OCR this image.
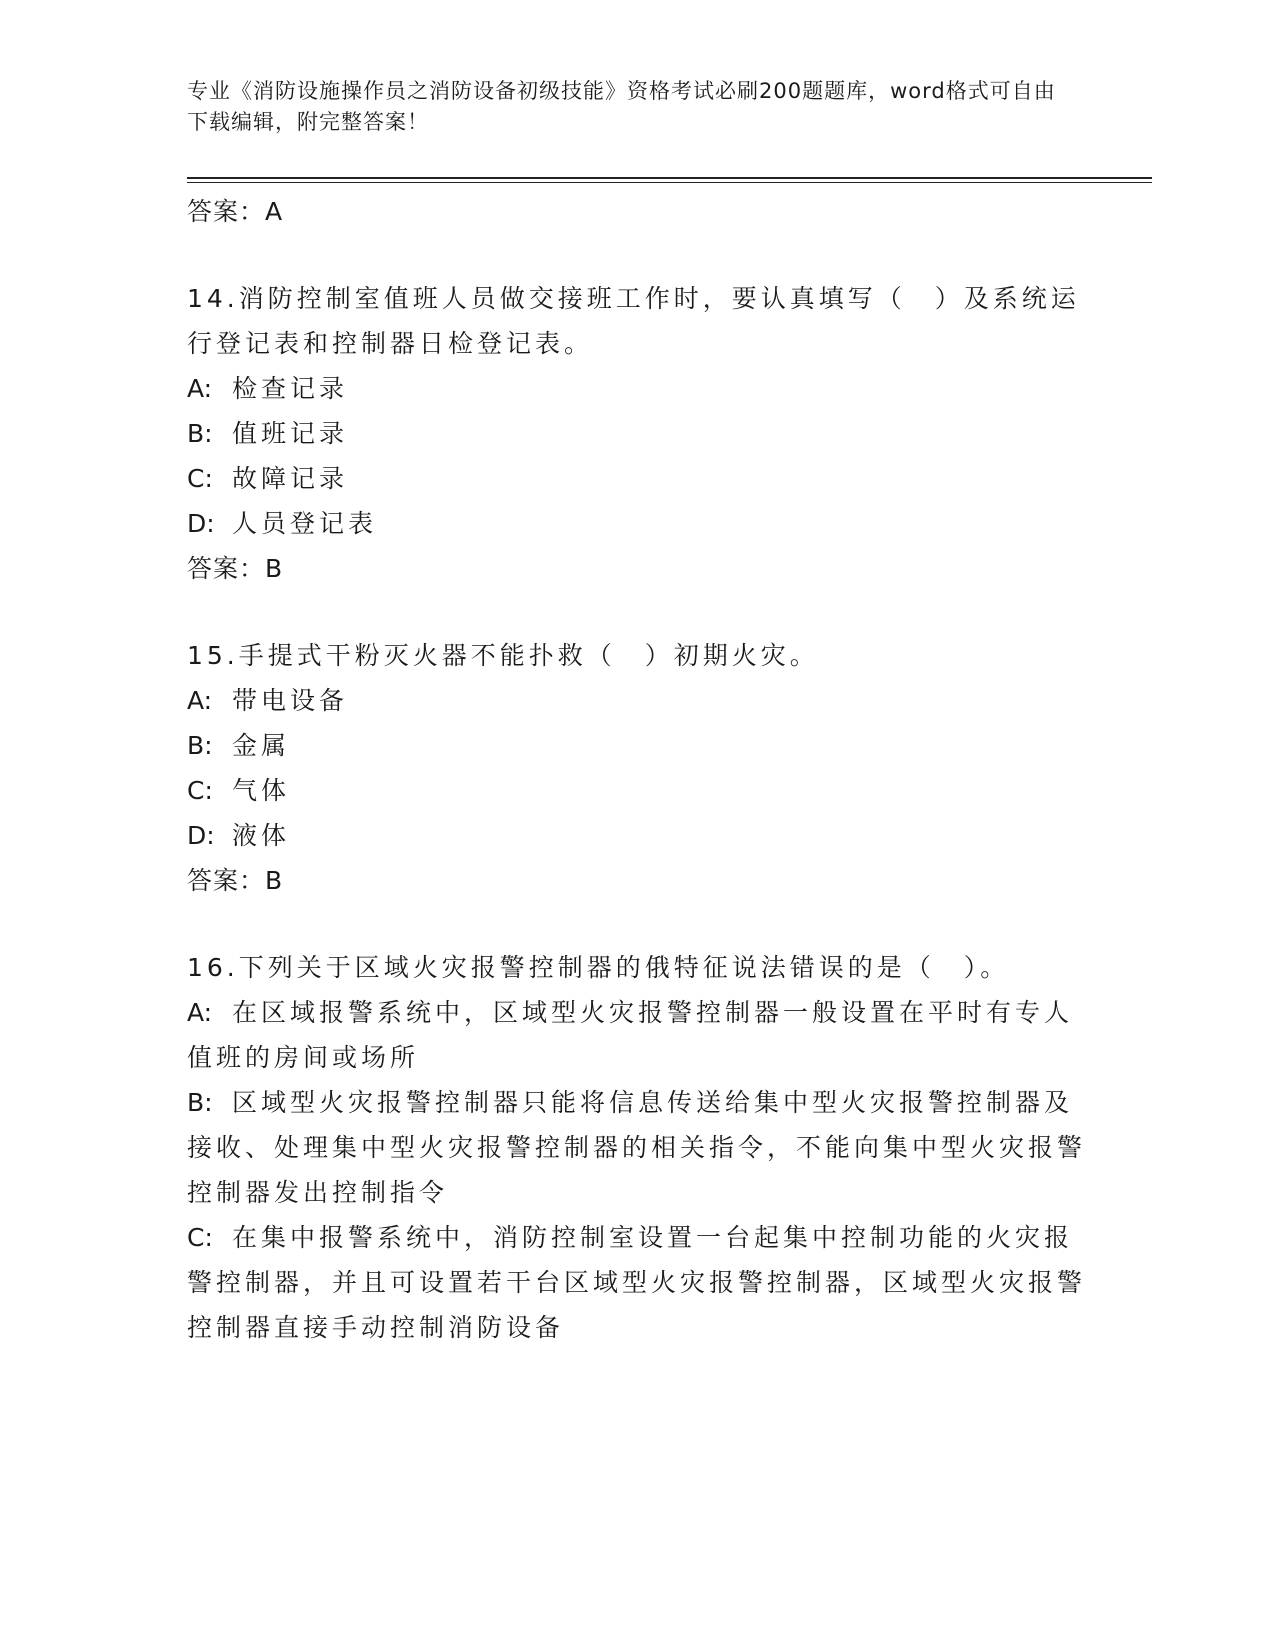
专业《消防设施操作员之消防设备初级技能》资格考试必刷200题题库，word格式可自由下载编辑，附完整答案！

答案：A

14.消防控制室值班人员做交接班工作时，要认真填写（　）及系统运行登记表和控制器日检登记表。

A: 检查记录

B: 值班记录

C: 故障记录

D: 人员登记表

答案：B

15.手提式干粉灭火器不能扑救（　）初期火灾。

A: 带电设备

B: 金属

C: 气体

D: 液体

答案：B

16.下列关于区域火灾报警控制器的俄特征说法错误的是（　）。

A: 在区域报警系统中，区域型火灾报警控制器一般设置在平时有专人值班的房间或场所

B: 区域型火灾报警控制器只能将信息传送给集中型火灾报警控制器及接收、处理集中型火灾报警控制器的相关指令，不能向集中型火灾报警控制器发出控制指令

C: 在集中报警系统中，消防控制室设置一台起集中控制功能的火灾报警控制器，并且可设置若干台区域型火灾报警控制器，区域型火灾报警控制器直接手动控制消防设备
